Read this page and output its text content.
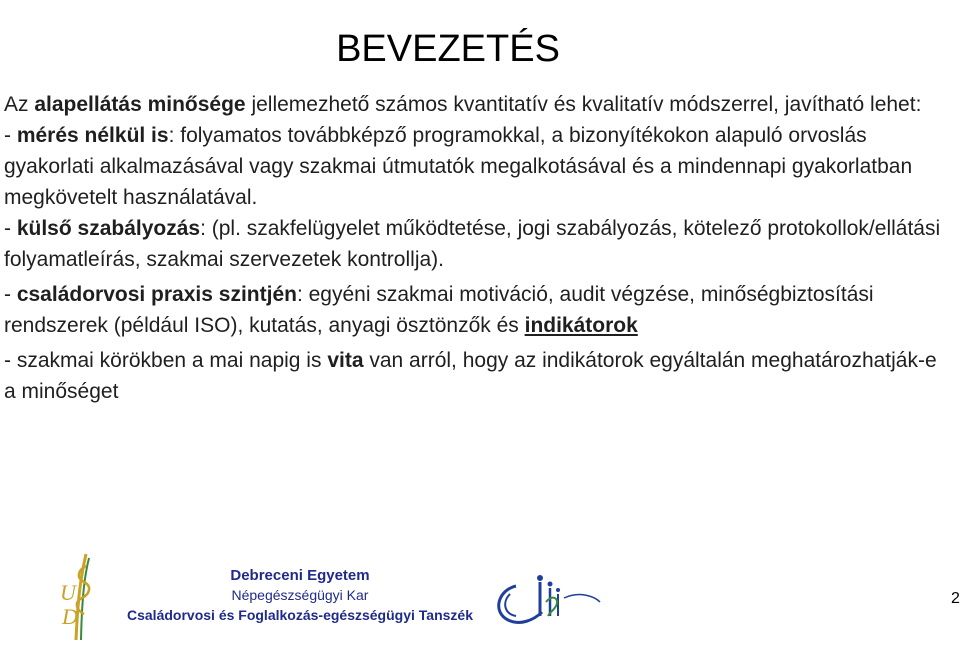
BEVEZETÉS

Az alapellátás minősége jellemezhető számos kvantitatív és kvalitatív módszerrel, javítható lehet:

- mérés nélkül is: folyamatos továbbképző programokkal, a bizonyítékokon alapuló orvoslás gyakorlati alkalmazásával vagy szakmai útmutatók megalkotásával és a mindennapi gyakorlatban megkövetelt használatával.

- külső szabályozás: (pl. szakfelügyelet működtetése, jogi szabályozás, kötelező protokollok/ellátási folyamatleírás, szakmai szervezetek kontrollja).

- családorvosi praxis szintjén: egyéni szakmai motiváció, audit végzése, minőségbiztosítási rendszerek (például ISO), kutatás, anyagi ösztönzők és indikátorok

- szakmai körökben a mai napig is vita van arról, hogy az indikátorok egyáltalán meghatározhatják-e a minőséget

U
D
Debreceni Egyetem
Népegészségügyi Kar
Családorvosi és Foglalkozás-egészségügyi Tanszék
2
